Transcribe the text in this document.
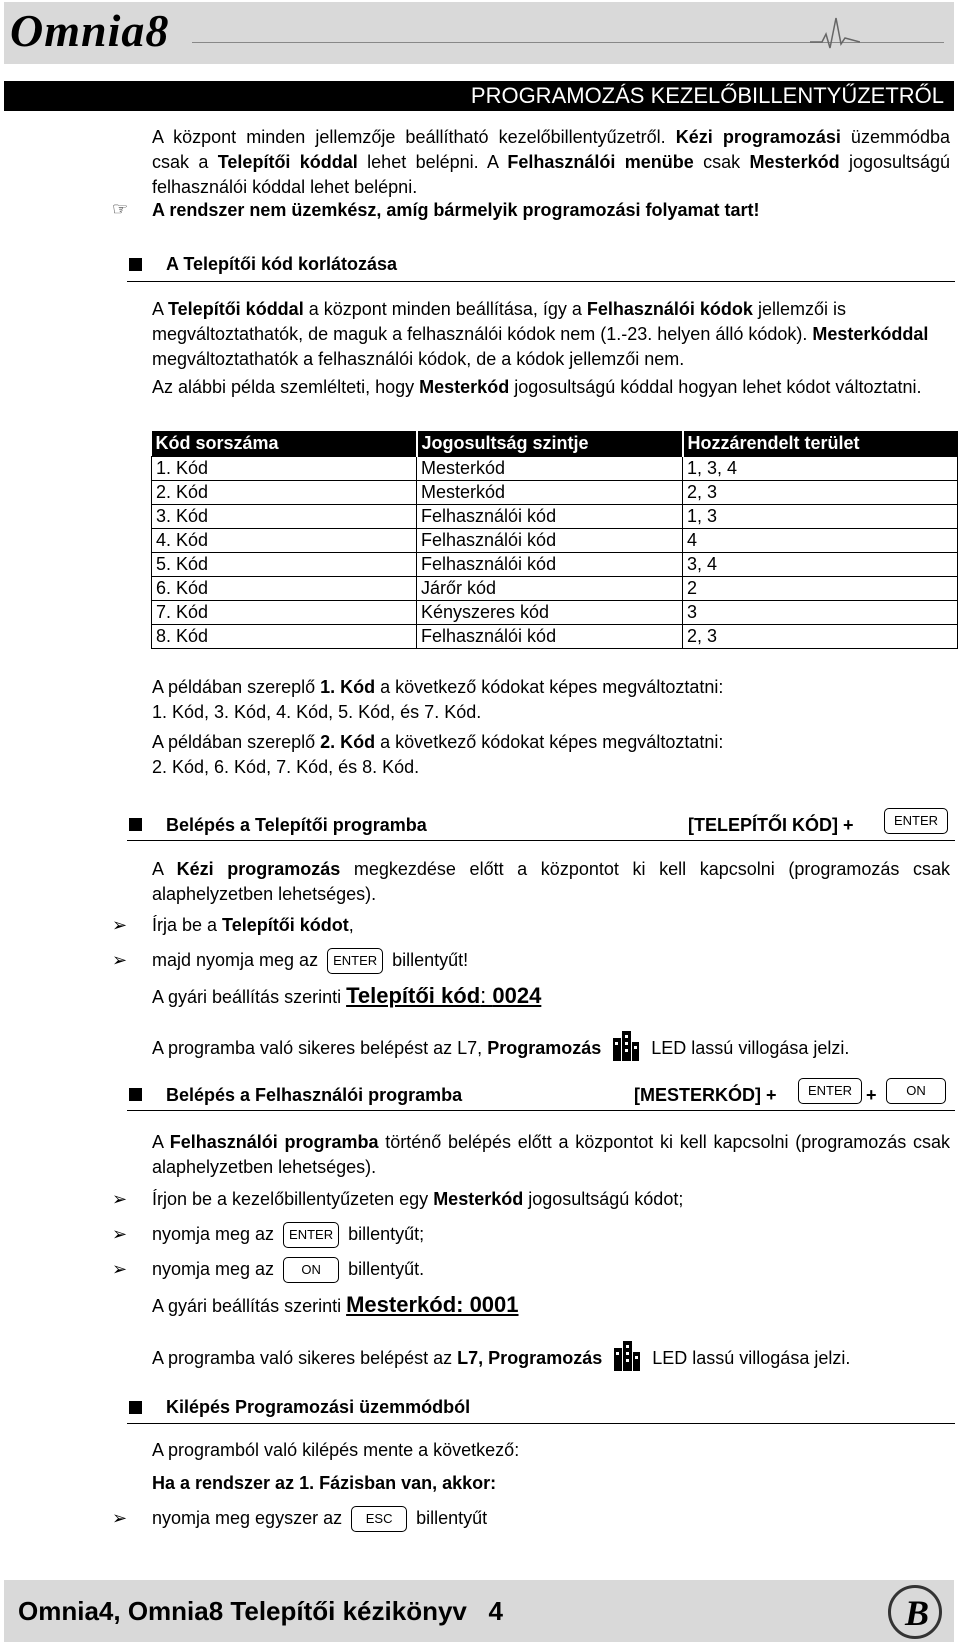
Omnia8
PROGRAMOZÁS KEZELŐBILLENTYŰZETRŐL
A központ minden jellemzője beállítható kezelőbillentyűzetről. Kézi programozási üzemmódba csak a Telepítői kóddal lehet belépni. A Felhasználói menübe csak Mesterkód jogosultságú felhasználói kóddal lehet belépni.
☞ A rendszer nem üzemkész, amíg bármelyik programozási folyamat tart!
A Telepítői kód korlátozása
A Telepítői kóddal a központ minden beállítása, így a Felhasználói kódok jellemzői is megváltoztathatók, de maguk a felhasználói kódok nem (1.-23. helyen álló kódok). Mesterkóddal megváltoztathatók a felhasználói kódok, de a kódok jellemzői nem.
Az alábbi példa szemlélteti, hogy Mesterkód jogosultságú kóddal hogyan lehet kódot változtatni.
Kód sorszáma	Jogosultság szintje	Hozzárendelt terület
1. Kód	Mesterkód	1, 3, 4
2. Kód	Mesterkód	2, 3
3. Kód	Felhasználói kód	1, 3
4. Kód	Felhasználói kód	4
5. Kód	Felhasználói kód	3, 4
6. Kód	Járőr kód	2
7. Kód	Kényszeres kód	3
8. Kód	Felhasználói kód	2, 3
A példában szereplő 1. Kód a következő kódokat képes megváltoztatni:
1. Kód, 3. Kód, 4. Kód, 5. Kód, és 7. Kód.
A példában szereplő 2. Kód a következő kódokat képes megváltoztatni:
2. Kód, 6. Kód, 7. Kód, és 8. Kód.
Belépés a Telepítői programba	[TELEPÍTŐI KÓD] +	ENTER
A Kézi programozás megkezdése előtt a központot ki kell kapcsolni (programozás csak alaphelyzetben lehetséges).
➢ Írja be a Telepítői kódot,
➢ majd nyomja meg az ENTER billentyűt!
A gyári beállítás szerinti Telepítői kód: 0024
A programba való sikeres belépést az L7, Programozás	LED lassú villogása jelzi.
Belépés a Felhasználói programba	[MESTERKÓD] +	ENTER +	ON
A Felhasználói programba történő belépés előtt a központot ki kell kapcsolni (programozás csak alaphelyzetben lehetséges).
➢ Írjon be a kezelőbillentyűzeten egy Mesterkód jogosultságú kódot;
➢ nyomja meg az ENTER billentyűt;
➢ nyomja meg az ON billentyűt.
A gyári beállítás szerinti Mesterkód: 0001
A programba való sikeres belépést az L7, Programozás	LED lassú villogása jelzi.
Kilépés Programozási üzemmódból
A programból való kilépés mente a következő:
Ha a rendszer az 1. Fázisban van, akkor:
➢ nyomja meg egyszer az ESC billentyűt
Omnia4, Omnia8 Telepítői kézikönyv   4	B
